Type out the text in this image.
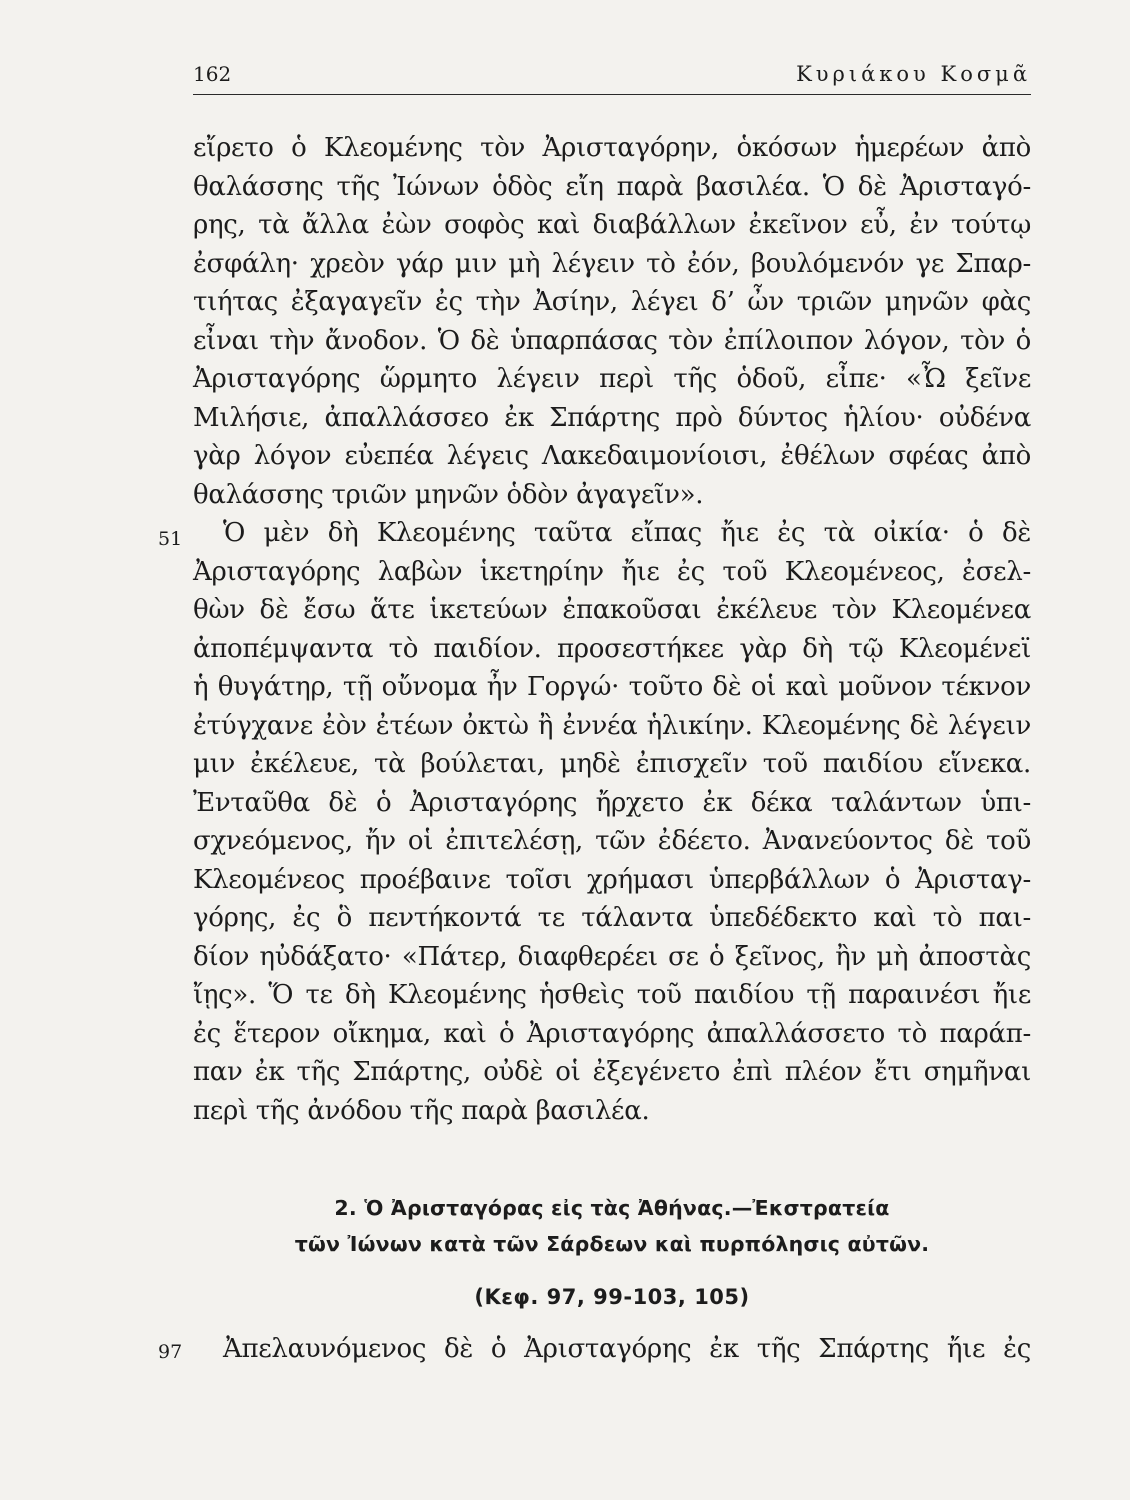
162	Κυριάκου Κοσμᾶ
εἴρετο ὁ Κλεομένης τὸν Ἀρισταγόρην, ὁκόσων ἡμερέων ἀπὸ
θαλάσσης τῆς Ἰώνων ὁδὸς εἴη παρὰ βασιλέα. Ὁ δὲ Ἀρισταγό-
ρης, τὰ ἄλλα ἐὼν σοφὸς καὶ διαβάλλων ἐκεῖνον εὖ, ἐν τούτῳ
ἐσφάλη· χρεὸν γάρ μιν μὴ λέγειν τὸ ἐόν, βουλόμενόν γε Σπαρ-
τιήτας ἐξαγαγεῖν ἐς τὴν Ἀσίην, λέγει δ’ ὦν τριῶν μηνῶν φὰς
εἶναι τὴν ἄνοδον. Ὁ δὲ ὑπαρπάσας τὸν ἐπίλοιπον λόγον, τὸν ὁ
Ἀρισταγόρης ὥρμητο λέγειν περὶ τῆς ὁδοῦ, εἶπε· «Ὦ ξεῖνε
Μιλήσιε, ἀπαλλάσσεο ἐκ Σπάρτης πρὸ δύντος ἡλίου· οὐδένα
γὰρ λόγον εὐεπέα λέγεις Λακεδαιμονίοισι, ἐθέλων σφέας ἀπὸ
θαλάσσης τριῶν μηνῶν ὁδὸν ἀγαγεῖν».
Ὁ μὲν δὴ Κλεομένης ταῦτα εἴπας ἤιε ἐς τὰ οἰκία· ὁ δὲ
Ἀρισταγόρης λαβὼν ἱκετηρίην ἤιε ἐς τοῦ Κλεομένεος, ἐσελ-
θὼν δὲ ἔσω ἅτε ἱκετεύων ἐπακοῦσαι ἐκέλευε τὸν Κλεομένεα
ἀποπέμψαντα τὸ παιδίον. προσεστήκεε γὰρ δὴ τῷ Κλεομένεϊ
ἡ θυγάτηρ, τῇ οὔνομα ἦν Γοργώ· τοῦτο δὲ οἱ καὶ μοῦνον τέκνον
ἐτύγχανε ἐὸν ἐτέων ὀκτὼ ἢ ἐννέα ἡλικίην. Κλεομένης δὲ λέγειν
μιν ἐκέλευε, τὰ βούλεται, μηδὲ ἐπισχεῖν τοῦ παιδίου εἵνεκα.
Ἐνταῦθα δὲ ὁ Ἀρισταγόρης ἤρχετο ἐκ δέκα ταλάντων ὑπι-
σχνεόμενος, ἤν οἱ ἐπιτελέσῃ, τῶν ἐδέετο. Ἀνανεύοντος δὲ τοῦ
Κλεομένεος προέβαινε τοῖσι χρήμασι ὑπερβάλλων ὁ Ἀρισταγ-
γόρης, ἐς ὃ πεντήκοντά τε τάλαντα ὑπεδέδεκτο καὶ τὸ παι-
δίον ηὐδάξατο· «Πάτερ, διαφθερέει σε ὁ ξεῖνος, ἢν μὴ ἀποστὰς
ἴῃς». Ὅ τε δὴ Κλεομένης ἡσθεὶς τοῦ παιδίου τῇ παραινέσι ἤιε
ἐς ἕτερον οἴκημα, καὶ ὁ Ἀρισταγόρης ἀπαλλάσσετο τὸ παράπ-
παν ἐκ τῆς Σπάρτης, οὐδὲ οἱ ἐξεγένετο ἐπὶ πλέον ἔτι σημῆναι
περὶ τῆς ἀνόδου τῆς παρὰ βασιλέα.
51
2. Ὁ Ἀρισταγόρας εἰς τὰς Ἀθήνας.—Ἐκστρατεία
τῶν Ἰώνων κατὰ τῶν Σάρδεων καὶ πυρπόλησις αὐτῶν.
(Κεφ. 97, 99-103, 105)
97	Ἀπελαυνόμενος δὲ ὁ Ἀρισταγόρης ἐκ τῆς Σπάρτης ἤιε ἐς
